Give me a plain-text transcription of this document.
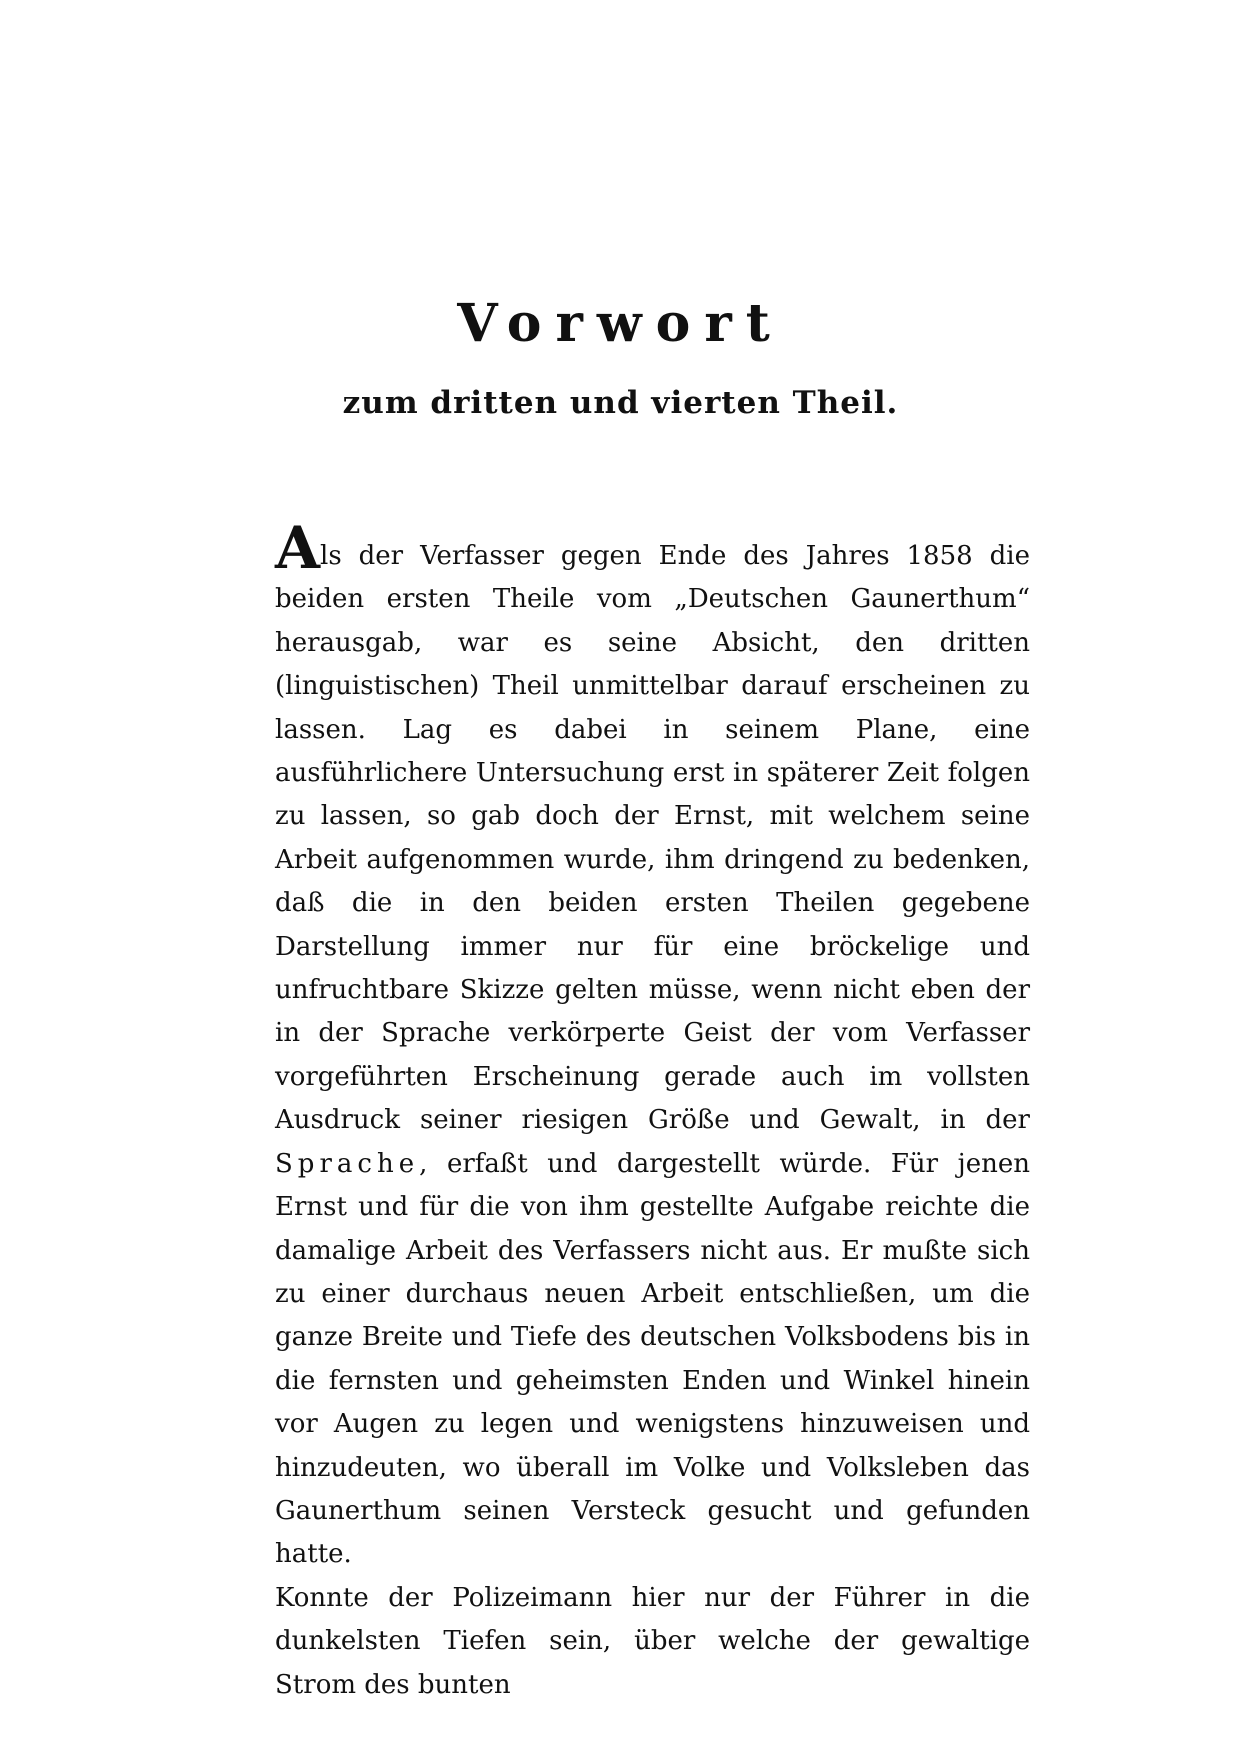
Vorwort
zum dritten und vierten Theil.

Als der Verfasser gegen Ende des Jahres 1858 die beiden ersten Theile vom „Deutschen Gaunerthum“ herausgab, war es seine Absicht, den dritten (linguistischen) Theil unmittelbar darauf erscheinen zu lassen. Lag es dabei in seinem Plane, eine ausführlichere Untersuchung erst in späterer Zeit folgen zu lassen, so gab doch der Ernst, mit welchem seine Arbeit aufgenommen wurde, ihm dringend zu bedenken, daß die in den beiden ersten Theilen gegebene Darstellung immer nur für eine bröckelige und unfruchtbare Skizze gelten müsse, wenn nicht eben der in der Sprache verkörperte Geist der vom Verfasser vorgeführten Erscheinung gerade auch im vollsten Ausdruck seiner riesigen Größe und Gewalt, in der Sprache, erfaßt und dargestellt würde. Für jenen Ernst und für die von ihm gestellte Aufgabe reichte die damalige Arbeit des Verfassers nicht aus. Er mußte sich zu einer durchaus neuen Arbeit entschließen, um die ganze Breite und Tiefe des deutschen Volksbodens bis in die fernsten und geheimsten Enden und Winkel hinein vor Augen zu legen und wenigstens hinzuweisen und hinzudeuten, wo überall im Volke und Volksleben das Gaunerthum seinen Versteck gesucht und gefunden hatte.

Konnte der Polizeimann hier nur der Führer in die dunkelsten Tiefen sein, über welche der gewaltige Strom des bunten
